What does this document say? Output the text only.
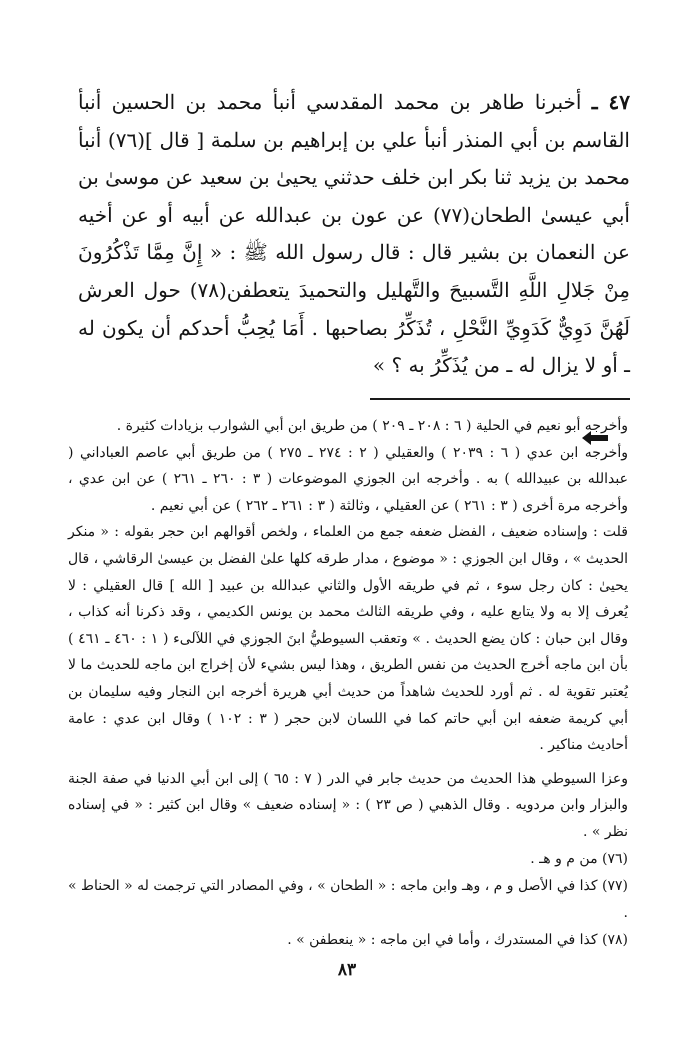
٤٧ ـ أخبرنا طاهر بن محمد المقدسي أنبأ محمد بن الحسين أنبأ القاسم بن أبي المنذر أنبأ علي بن إبراهيم بن سلمة [ قال ](٧٦) أنبأ محمد بن يزيد ثنا بكر ابن خلف حدثني يحيىٰ بن سعيد عن موسىٰ بن أبي عيسىٰ الطحان(٧٧) عن عون بن عبدالله عن أبيه أو عن أخيه عن النعمان بن بشير قال : قال رسول الله ﷺ : « إِنَّ مِمَّا تَذْكُرُونَ مِنْ جَلالِ اللَّهِ التَّسبيحَ والتَّهليل والتحميدَ يتعطفن(٧٨) حول العرش لَهُنَّ دَوِيٌّ كَدَوِيِّ النَّحْلِ ، تُذَكِّرُ بصاحبها . أَمَا يُحِبُّ أحدكم أن يكون له ـ أو لا يزال له ـ من يُذَكِّرُ به ؟ »

وأخرجه أبو نعيم في الحلية ( ٦ : ٢٠٨ ـ ٢٠٩ ) من طريق ابن أبي الشوارب بزيادات كثيرة .

وأخرجه ابن عدي ( ٦ : ٢٠٣٩ ) والعقيلي ( ٢ : ٢٧٤ ـ ٢٧٥ ) من طريق أبي عاصم العباداني ( عبدالله بن عبيدالله ) به . وأخرجه ابن الجوزي الموضوعات ( ٣ : ٢٦٠ ـ ٢٦١ ) عن ابن عدي ، وأخرجه مرة أخرى ( ٣ : ٢٦١ ) عن العقيلي ، وثالثة ( ٣ : ٢٦١ ـ ٢٦٢ ) عن أبي نعيم .

قلت : وإسناده ضعيف ، الفضل ضعفه جمع من العلماء ، ولخص أقوالهم ابن حجر بقوله : « منكر الحديث » ، وقال ابن الجوزي : « موضوع ، مدار طرقه كلها علىٰ الفضل بن عيسىٰ الرقاشي ، قال يحيىٰ : كان رجل سوء ، ثم في طريقه الأول والثاني عبدالله بن عبيد [ الله ] قال العقيلي : لا يُعرف إلا به ولا يتابع عليه ، وفي طريقه الثالث محمد بن يونس الكديمي ، وقد ذكرنا أنه كذاب ، وقال ابن حبان : كان يضع الحديث . » وتعقب السيوطيُّ ابنَ الجوزي في اللآلىء ( ١ : ٤٦٠ ـ ٤٦١ ) بأن ابن ماجه أخرج الحديث من نفس الطريق ، وهذا ليس بشيء لأن إخراج ابن ماجه للحديث ما لا يُعتبر تقوية له . ثم أورد للحديث شاهداً من حديث أبي هريرة أخرجه ابن النجار وفيه سليمان بن أبي كريمة ضعفه ابن أبي حاتم كما في اللسان لابن حجر ( ٣ : ١٠٢ ) وقال ابن عدي : عامة أحاديث مناكير .

وعزا السيوطي هذا الحديث من حديث جابر في الدر ( ٧ : ٦٥ ) إلى ابن أبي الدنيا في صفة الجنة والبزار وابن مردويه . وقال الذهبي ( ص ٢٣ ) : « إسناده ضعيف » وقال ابن كثير : « في إسناده نظر » .

(٧٦) من م و هـ .

(٧٧) كذا في الأصل و م ، وهـ وابن ماجه : « الطحان » ، وفي المصادر التي ترجمت له « الحناط » .

(٧٨) كذا في المستدرك ، وأما في ابن ماجه : « ينعطفن » .

٨٣
